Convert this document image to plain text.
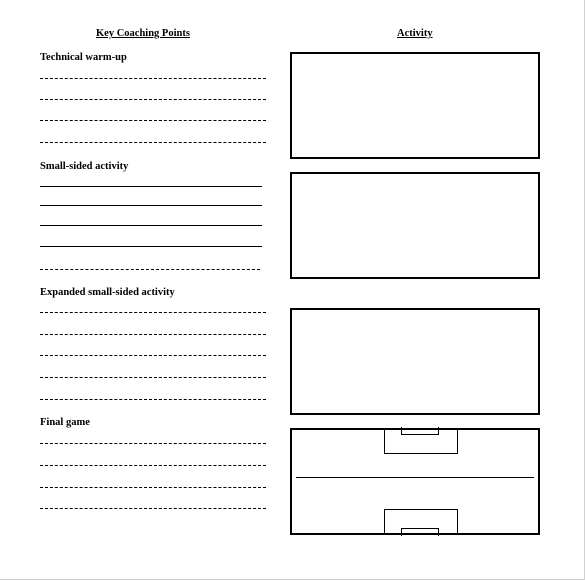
Key Coaching Points	Activity
Technical warm-up
Small-sided activity
Expanded small-sided activity
Final game
